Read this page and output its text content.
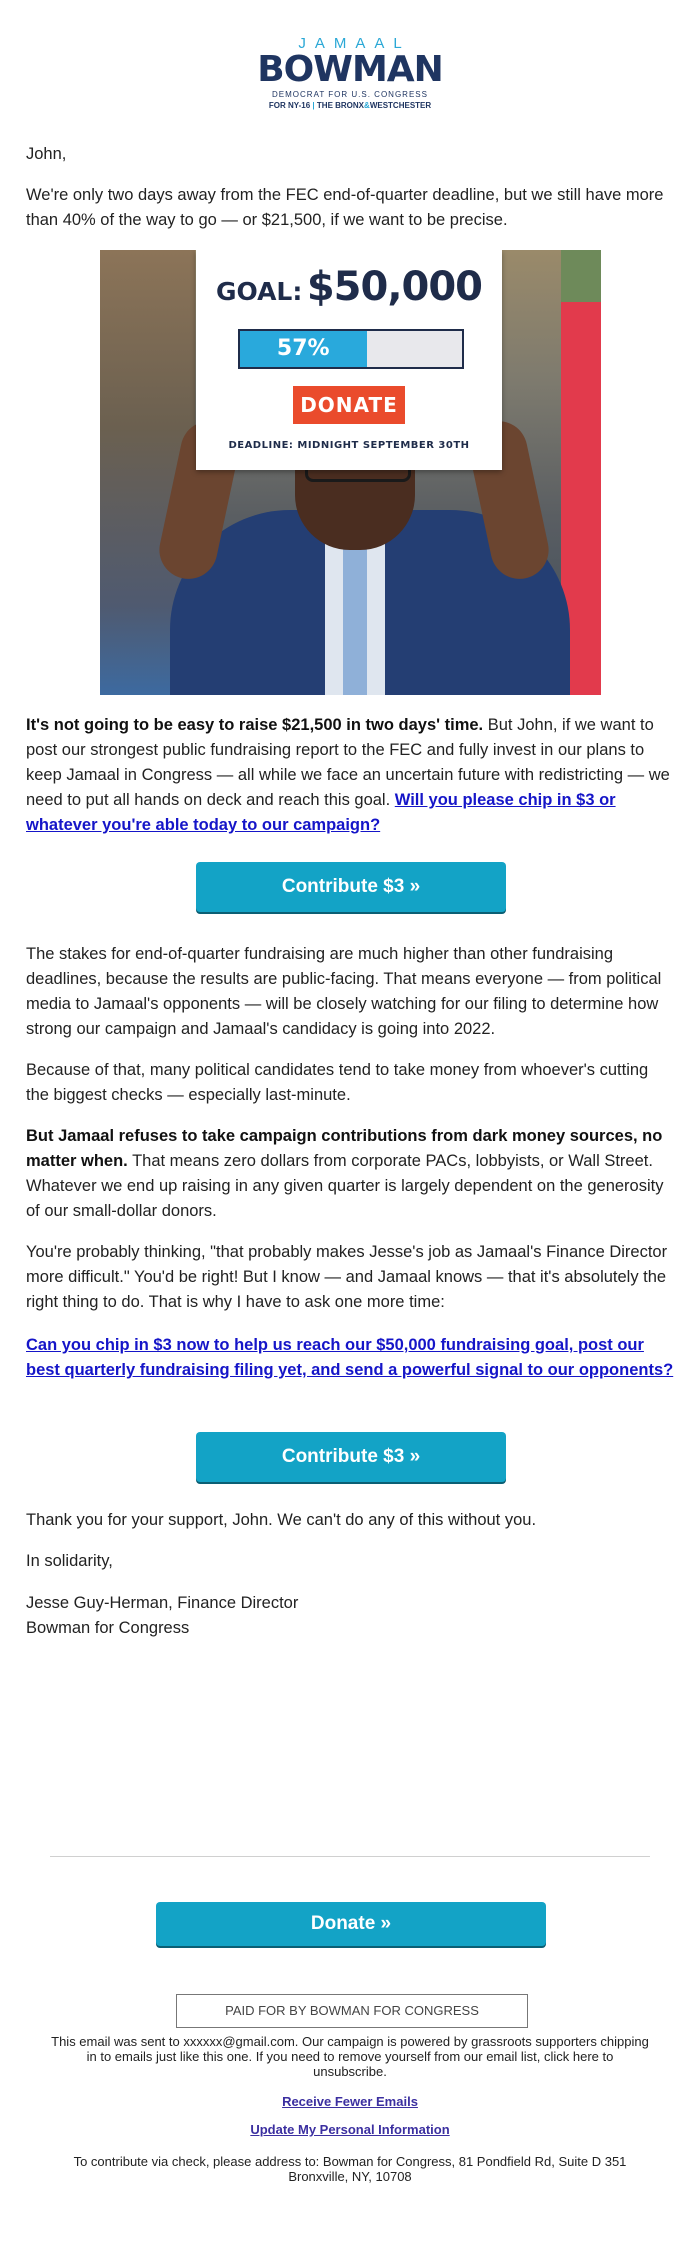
JAMAAL
BOWMAN
DEMOCRAT FOR U.S. CONGRESS
FOR NY-16 | THE BRONX&WESTCHESTER

John,

We're only two days away from the FEC end-of-quarter deadline, but we still have more than 40% of the way to go — or $21,500, if we want to be precise.

GOAL: $50,000
57%
DONATE
DEADLINE: MIDNIGHT SEPTEMBER 30TH

It's not going to be easy to raise $21,500 in two days' time. But John, if we want to post our strongest public fundraising report to the FEC and fully invest in our plans to keep Jamaal in Congress — all while we face an uncertain future with redistricting — we need to put all hands on deck and reach this goal. Will you please chip in $3 or whatever you're able today to our campaign?

Contribute $3 »

The stakes for end-of-quarter fundraising are much higher than other fundraising deadlines, because the results are public-facing. That means everyone — from political media to Jamaal's opponents — will be closely watching for our filing to determine how strong our campaign and Jamaal's candidacy is going into 2022.

Because of that, many political candidates tend to take money from whoever's cutting the biggest checks — especially last-minute.

But Jamaal refuses to take campaign contributions from dark money sources, no matter when. That means zero dollars from corporate PACs, lobbyists, or Wall Street. Whatever we end up raising in any given quarter is largely dependent on the generosity of our small-dollar donors.

You're probably thinking, "that probably makes Jesse's job as Jamaal's Finance Director more difficult." You'd be right! But I know — and Jamaal knows — that it's absolutely the right thing to do. That is why I have to ask one more time:

Can you chip in $3 now to help us reach our $50,000 fundraising goal, post our best quarterly fundraising filing yet, and send a powerful signal to our opponents?

Contribute $3 »

Thank you for your support, John. We can't do any of this without you.

In solidarity,

Jesse Guy-Herman, Finance Director

Bowman for Congress

Donate »
PAID FOR BY BOWMAN FOR CONGRESS
This email was sent to xxxxxx@gmail.com. Our campaign is powered by grassroots supporters chipping in to emails just like this one. If you need to remove yourself from our email list, click here to unsubscribe.
Receive Fewer Emails
Update My Personal Information
To contribute via check, please address to: Bowman for Congress, 81 Pondfield Rd, Suite D 351 Bronxville, NY, 10708
